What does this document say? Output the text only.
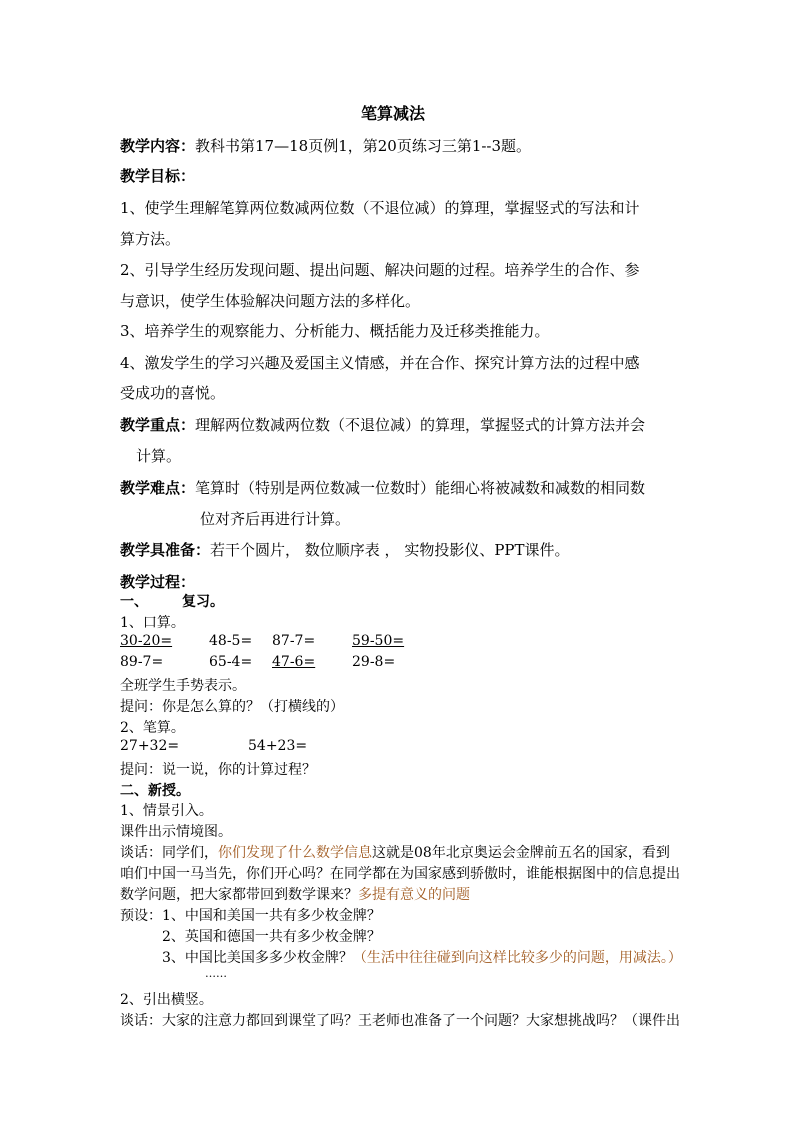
笔算减法
教学内容：教科书第17—18页例1，第20页练习三第1--3题。
教学目标：
1、使学生理解笔算两位数减两位数（不退位减）的算理，掌握竖式的写法和计
算方法。
2、引导学生经历发现问题、提出问题、解决问题的过程。培养学生的合作、参
与意识，使学生体验解决问题方法的多样化。
3、培养学生的观察能力、分析能力、概括能力及迁移类推能力。
4、激发学生的学习兴趣及爱国主义情感，并在合作、探究计算方法的过程中感
受成功的喜悦。
教学重点：理解两位数减两位数（不退位减）的算理，掌握竖式的计算方法并会
计算。
教学难点：笔算时（特别是两位数减一位数时）能细心将被减数和减数的相同数
位对齐后再进行计算。
教学具准备：若干个圆片， 数位顺序表 ， 实物投影仪、PPT课件。
教学过程：
一、 复习。
1、口算。
30-20=	48-5= 87-7=	59-50=
89-7=	65-4= 47-6=	29-8=
全班学生手势表示。
提问：你是怎么算的？（打横线的）
2、笔算。
27+32=	54+23=
提问：说一说，你的计算过程？
二、新授。
1、情景引入。
课件出示情境图。
谈话：同学们，你们发现了什么数学信息这就是08年北京奥运会金牌前五名的国家，看到
咱们中国一马当先，你们开心吗？在同学都在为国家感到骄傲时，谁能根据图中的信息提出
数学问题，把大家都带回到数学课来？多提有意义的问题
预设：1、中国和美国一共有多少枚金牌？
2、英国和德国一共有多少枚金牌？
3、中国比美国多多少枚金牌？（生活中往往碰到向这样比较多少的问题，用减法。）
……
2、引出横竖。
谈话：大家的注意力都回到课堂了吗？王老师也准备了一个问题？大家想挑战吗？（课件出
